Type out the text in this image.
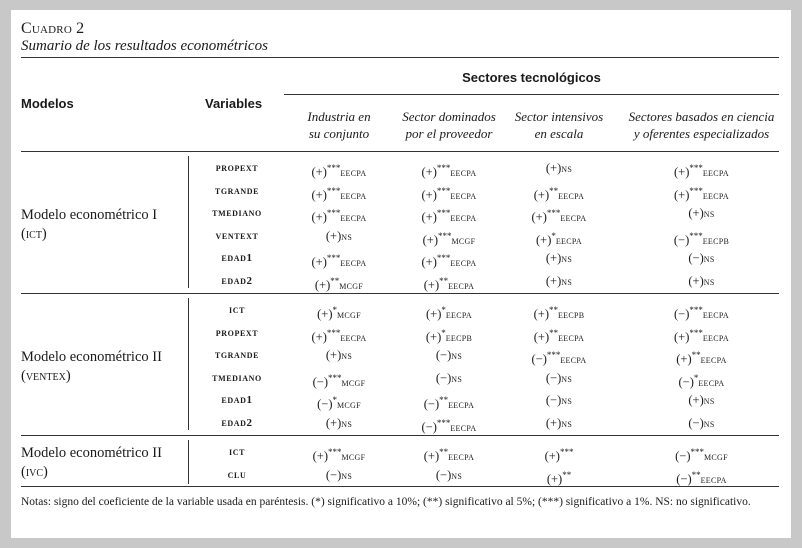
Cuadro 2
Sumario de los resultados econométricos
Modelos	Variables
Sectores tecnológicos
Industria en
su conjunto
Sector dominados
por el proveedor
Sector intensivos
en escala
Sectores basados en ciencia
y oferentes especializados
Modelo econométrico I
(ict)
Modelo econométrico II
(ventex)
Modelo econométrico II
(ivc)
propext	(+)***eecpa	(+)***eecpa	(+)ns	(+)***eecpa
tgrande	(+)***eecpa	(+)***eecpa	(+)**eecpa	(+)***eecpa
tmediano	(+)***eecpa	(+)***eecpa	(+)***eecpa	(+)ns
ventext	(+)ns	(+)***mcgf	(+)*eecpa	(−)***eecpb
edad1	(+)***eecpa	(+)***eecpa	(+)ns	(−)ns
edad2	(+)**mcgf	(+)**eecpa	(+)ns	(+)ns
ict	(+)*mcgf	(+)*eecpa	(+)**eecpb	(−)***eecpa
propext	(+)***eecpa	(+)*eecpb	(+)**eecpa	(+)***eecpa
tgrande	(+)ns	(−)ns	(−)***eecpa	(+)**eecpa
tmediano	(−)***mcgf	(−)ns	(−)ns	(−)*eecpa
edad1	(−)*mcgf	(−)**eecpa	(−)ns	(+)ns
edad2	(+)ns	(−)***eecpa	(+)ns	(−)ns
ict	(+)***mcgf	(+)**eecpa	(+)***	(−)***mcgf
clu	(−)ns	(−)ns	(+)**	(−)**eecpa
Notas: signo del coeficiente de la variable usada en paréntesis. (*) significativo a 10%; (**) significativo al 5%; (***) significativo a 1%. NS: no significativo.
